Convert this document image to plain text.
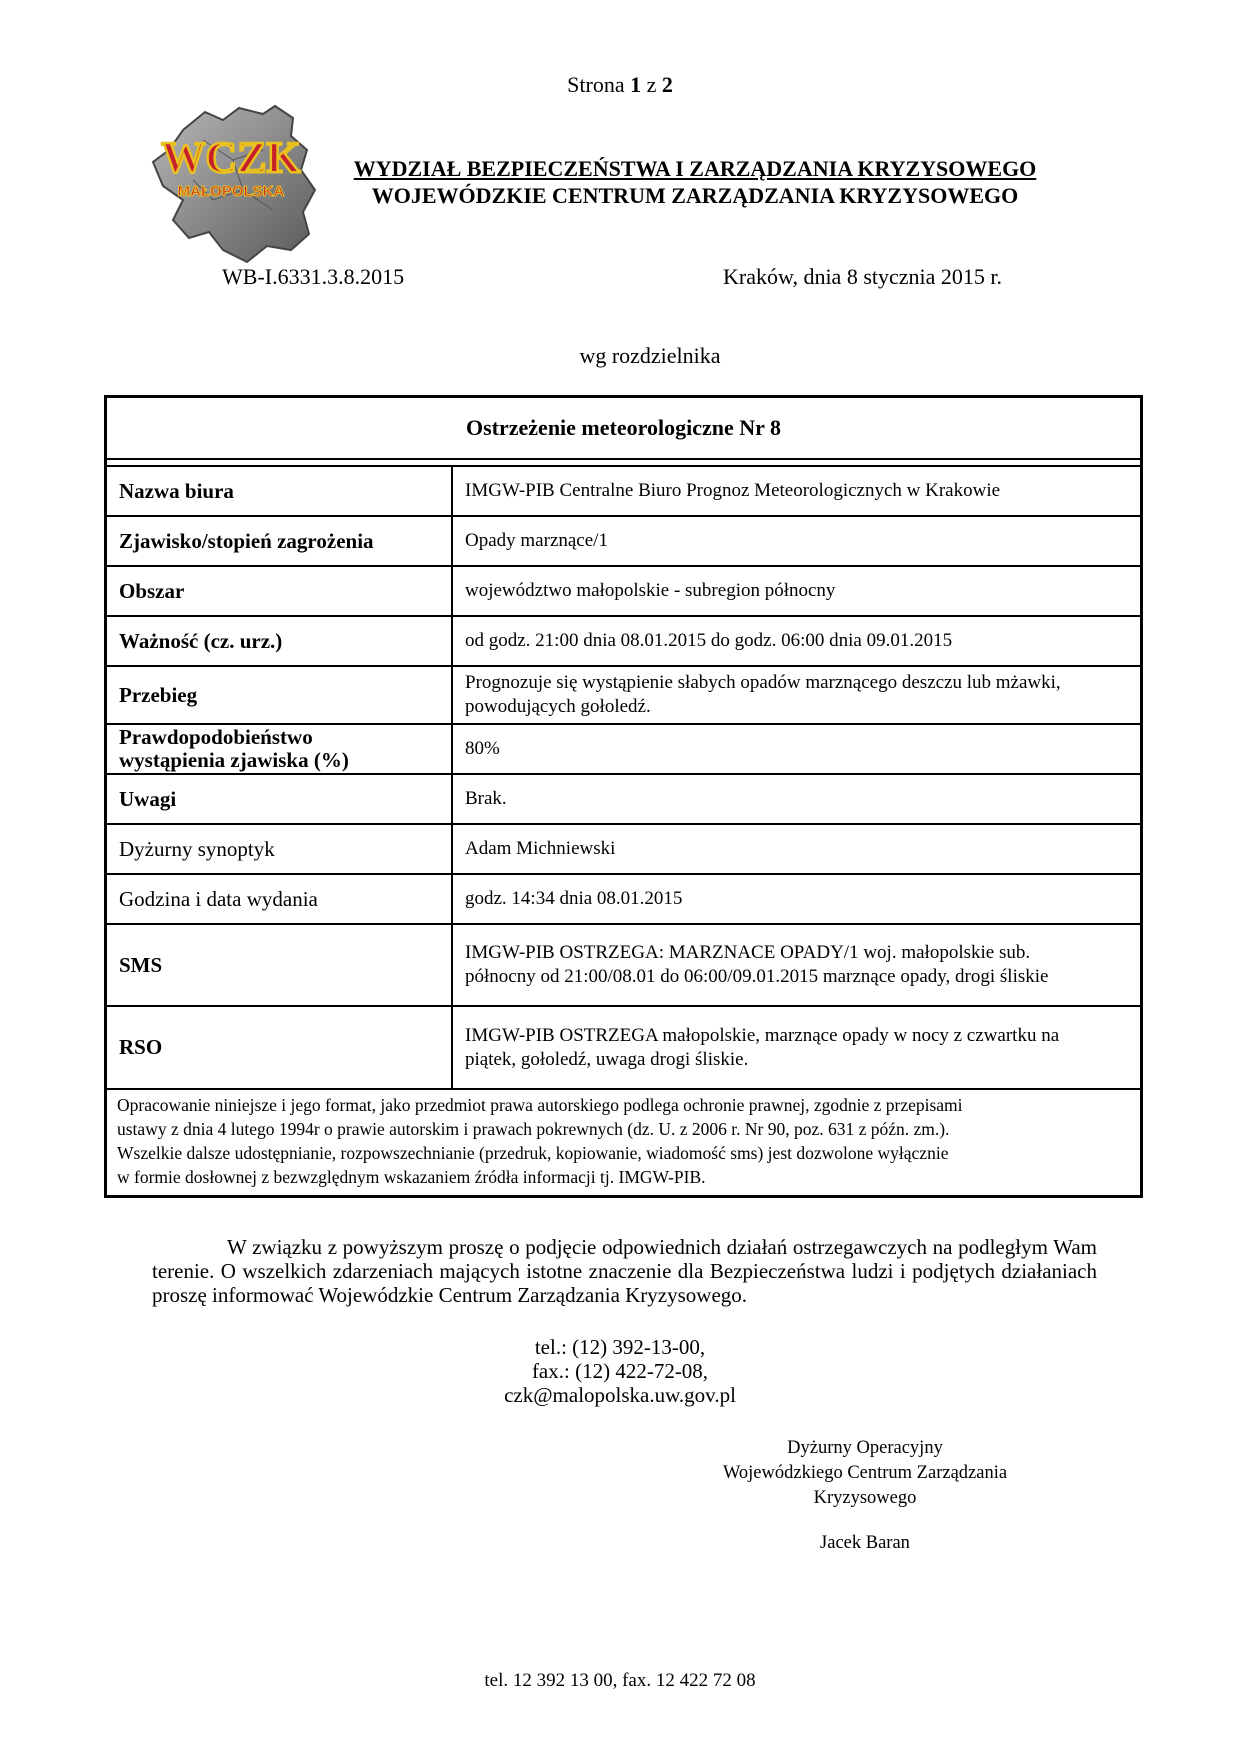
Strona 1 z 2
WCZK
MAŁOPOLSKA
WYDZIAŁ BEZPIECZEŃSTWA I ZARZĄDZANIA KRYZYSOWEGO
WOJEWÓDZKIE CENTRUM ZARZĄDZANIA KRYZYSOWEGO
WB-I.6331.3.8.2015	Kraków, dnia 8 stycznia 2015 r.
wg rozdzielnika
Ostrzeżenie meteorologiczne Nr 8
Nazwa biura	IMGW-PIB Centralne Biuro Prognoz Meteorologicznych w Krakowie
Zjawisko/stopień zagrożenia	Opady marznące/1
Obszar	województwo małopolskie - subregion północny
Ważność (cz. urz.)	od godz. 21:00 dnia 08.01.2015 do godz. 06:00 dnia 09.01.2015
Przebieg	Prognozuje się wystąpienie słabych opadów marznącego deszczu lub mżawki,
powodujących gołoledź.
Prawdopodobieństwo
wystąpienia zjawiska (%)	80%
Uwagi	Brak.
Dyżurny synoptyk	Adam Michniewski
Godzina i data wydania	godz. 14:34 dnia 08.01.2015
SMS	IMGW-PIB OSTRZEGA: MARZNACE OPADY/1 woj. małopolskie sub.
północny od 21:00/08.01 do 06:00/09.01.2015 marznące opady, drogi śliskie
RSO	IMGW-PIB OSTRZEGA małopolskie, marznące opady w nocy z czwartku na
piątek, gołoledź, uwaga drogi śliskie.
Opracowanie niniejsze i jego format, jako przedmiot prawa autorskiego podlega ochronie prawnej, zgodnie z przepisami
ustawy z dnia 4 lutego 1994r o prawie autorskim i prawach pokrewnych (dz. U. z 2006 r. Nr 90, poz. 631 z późn. zm.).
Wszelkie dalsze udostępnianie, rozpowszechnianie (przedruk, kopiowanie, wiadomość sms) jest dozwolone wyłącznie
w formie dosłownej z bezwzględnym wskazaniem źródła informacji tj. IMGW-PIB.
W związku z powyższym proszę o podjęcie odpowiednich działań ostrzegawczych na podległym Wam terenie. O wszelkich zdarzeniach mających istotne znaczenie dla Bezpieczeństwa ludzi i podjętych działaniach proszę informować Wojewódzkie Centrum Zarządzania Kryzysowego.
tel.: (12) 392-13-00,
fax.: (12) 422-72-08,
czk@malopolska.uw.gov.pl
Dyżurny Operacyjny
Wojewódzkiego Centrum Zarządzania
Kryzysowego
Jacek Baran
tel. 12 392 13 00, fax. 12 422 72 08
